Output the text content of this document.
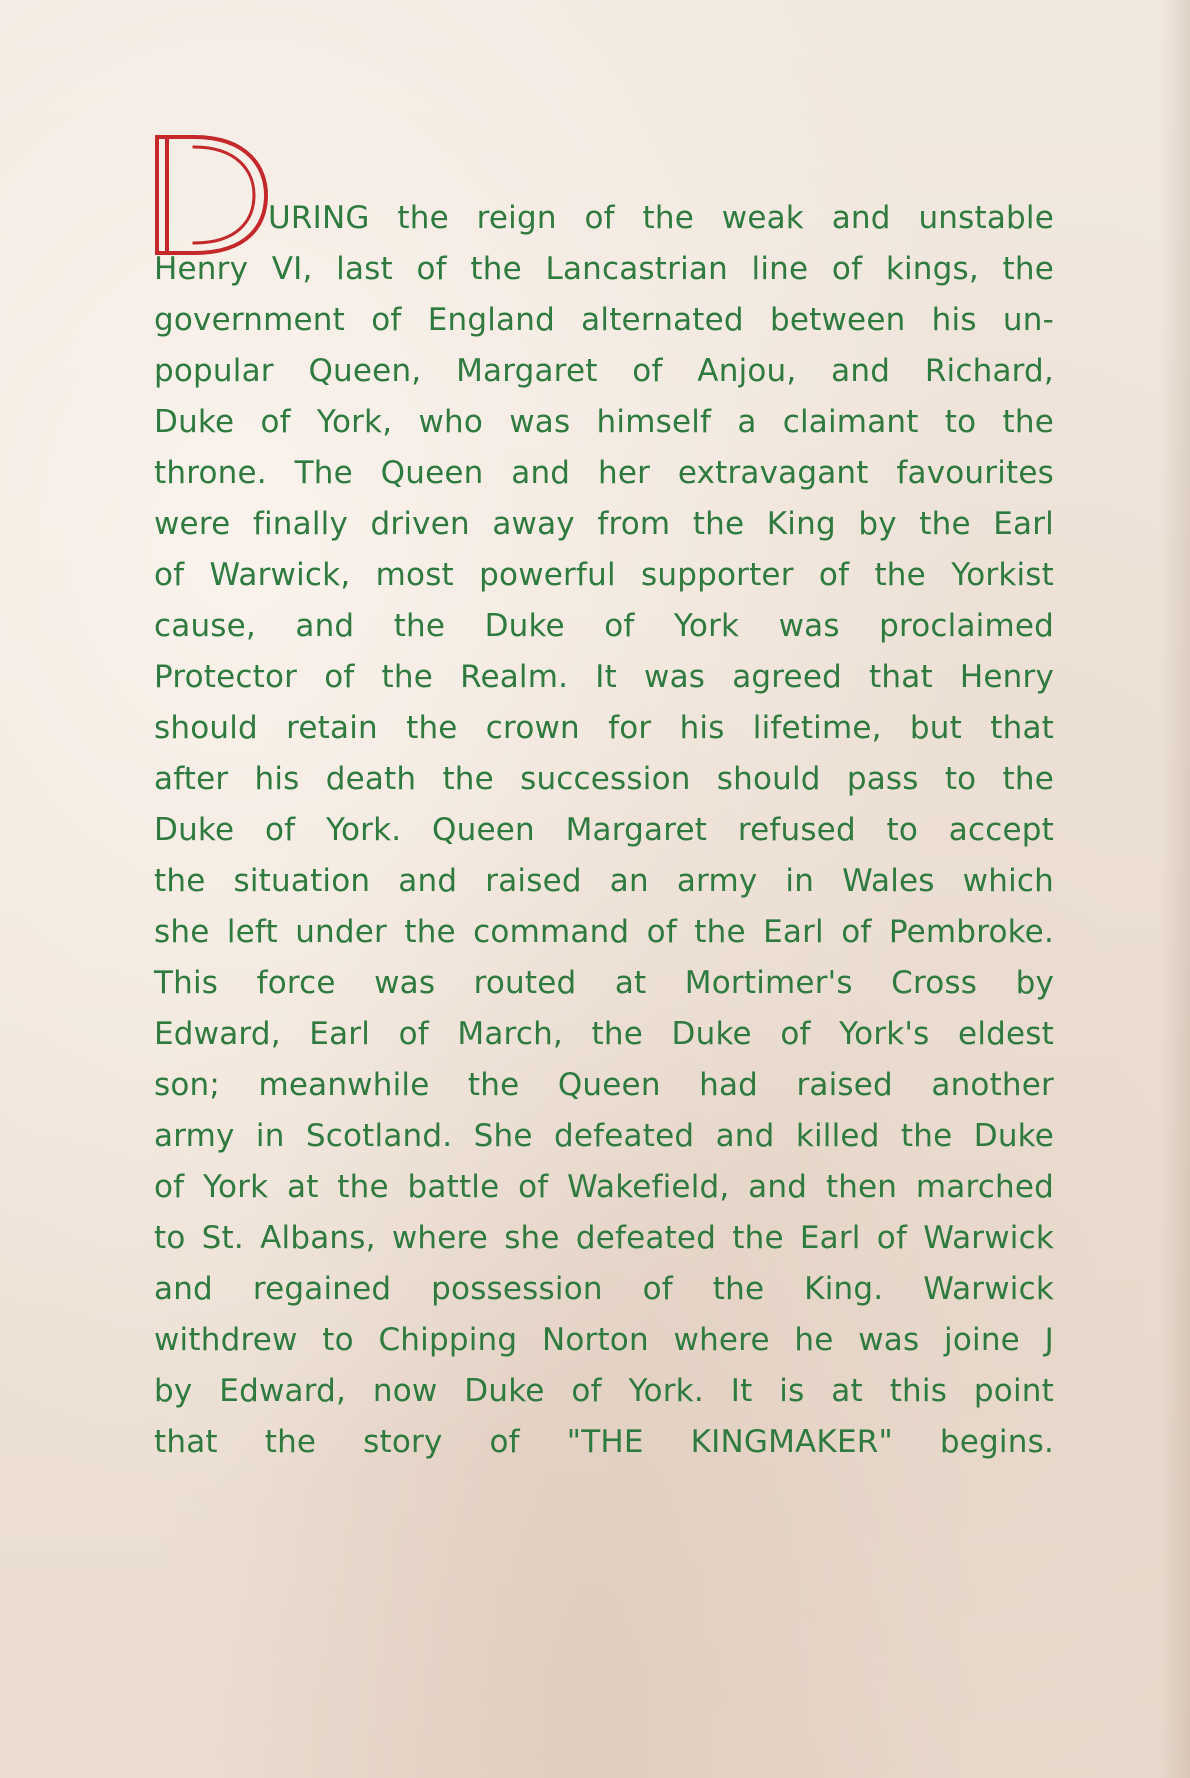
URING the reign of the weak and unstable
Henry VI, last of the Lancastrian line of kings, the
government of England alternated between his un-
popular Queen, Margaret of Anjou, and Richard,
Duke of York, who was himself a claimant to the
throne. The Queen and her extravagant favourites
were finally driven away from the King by the Earl
of Warwick, most powerful supporter of the Yorkist
cause, and the Duke of York was proclaimed
Protector of the Realm. It was agreed that Henry
should retain the crown for his lifetime, but that
after his death the succession should pass to the
Duke of York. Queen Margaret refused to accept
the situation and raised an army in Wales which
she left under the command of the Earl of Pembroke.
This force was routed at Mortimer's Cross by
Edward, Earl of March, the Duke of York's eldest
son; meanwhile the Queen had raised another
army in Scotland. She defeated and killed the Duke
of York at the battle of Wakefield, and then marched
to St. Albans, where she defeated the Earl of Warwick
and regained possession of the King. Warwick
withdrew to Chipping Norton where he was joine J
by Edward, now Duke of York. It is at this point
that the story of "THE KINGMAKER" begins.
